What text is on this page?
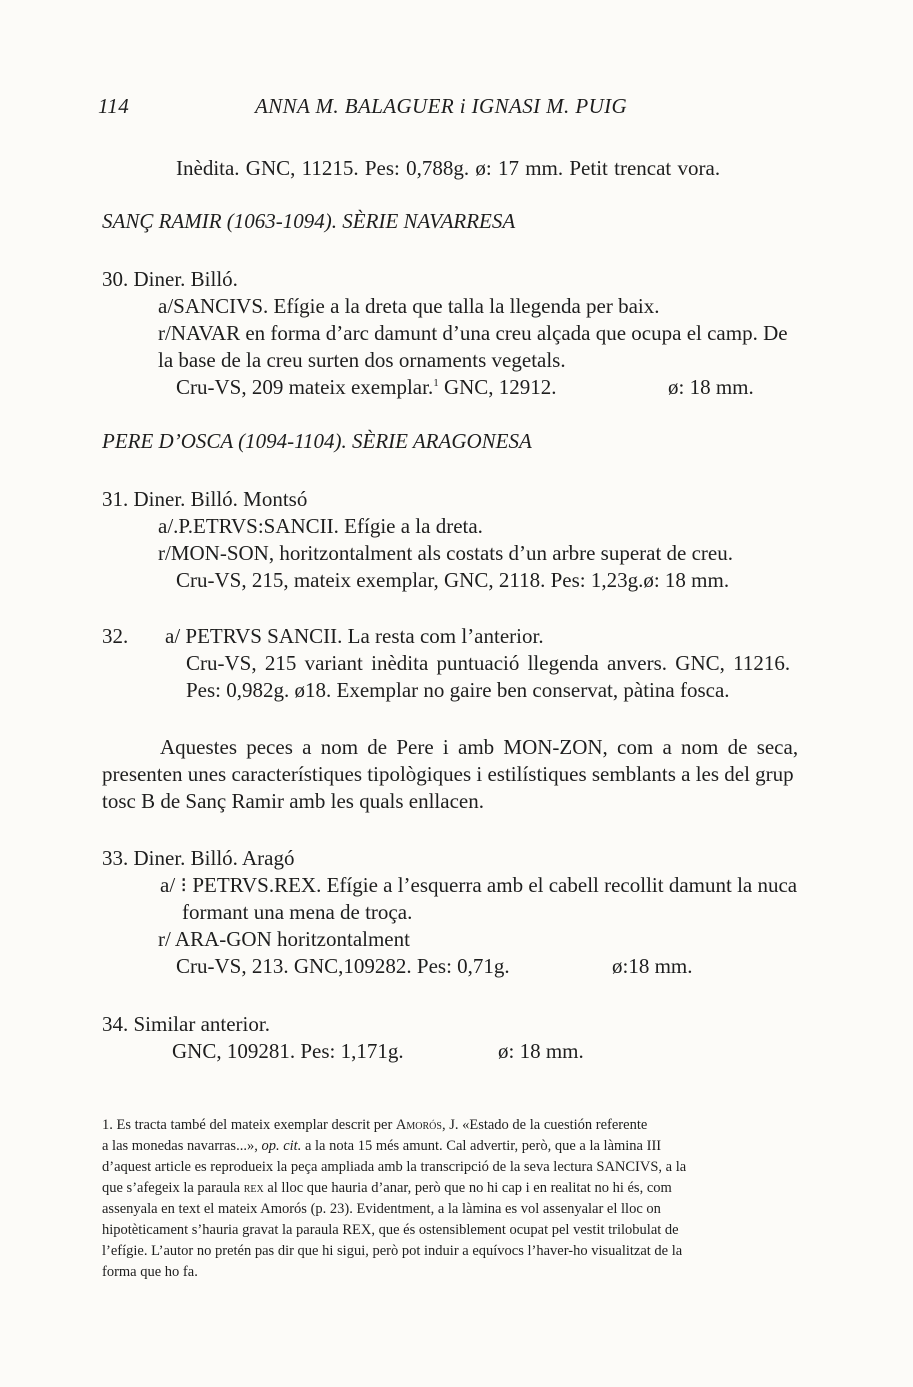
114	ANNA M. BALAGUER i IGNASI M. PUIG
Inèdita. GNC, 11215. Pes: 0,788g. ø: 17 mm. Petit trencat vora.
SANÇ RAMIR (1063-1094). SÈRIE NAVARRESA
30. Diner. Billó.
a/SANCIVS. Efígie a la dreta que talla la llegenda per baix.
r/NAVAR en forma d’arc damunt d’una creu alçada que ocupa el camp. De
la base de la creu surten dos ornaments vegetals.
Cru-VS, 209 mateix exemplar.$^1$ GNC, 12912.	ø: 18 mm.
PERE D’OSCA (1094-1104). SÈRIE ARAGONESA
31. Diner. Billó. Montsó
a/.P.ETRVS:SANCII. Efígie a la dreta.
r/MON-SON, horitzontalment als costats d’un arbre superat de creu.
Cru-VS, 215, mateix exemplar, GNC, 2118. Pes: 1,23g.ø: 18 mm.
32. a/ PETRVS SANCII. La resta com l’anterior.
Cru-VS, 215 variant inèdita puntuació llegenda anvers. GNC, 11216.
Pes: 0,982g. ø18. Exemplar no gaire ben conservat, pàtina fosca.
Aquestes peces a nom de Pere i amb MON-ZON, com a nom de seca,
presenten unes característiques tipològiques i estilístiques semblants a les del grup
tosc B de Sanç Ramir amb les quals enllacen.
33. Diner. Billó. Aragó
a/ ⁝ PETRVS.REX. Efígie a l’esquerra amb el cabell recollit damunt la nuca
formant una mena de troça.
r/ ARA-GON horitzontalment
Cru-VS, 213. GNC,109282. Pes: 0,71g.	ø:18 mm.
34. Similar anterior.
GNC, 109281. Pes: 1,171g.	ø: 18 mm.
1. Es tracta també del mateix exemplar descrit per Amorós, J. «Estado de la cuestión referente
a las monedas navarras...», op. cit. a la nota 15 més amunt. Cal advertir, però, que a la làmina III
d’aquest article es reprodueix la peça ampliada amb la transcripció de la seva lectura SANCIVS, a la
que s’afegeix la paraula rex al lloc que hauria d’anar, però que no hi cap i en realitat no hi és, com
assenyala en text el mateix Amorós (p. 23). Evidentment, a la làmina es vol assenyalar el lloc on
hipotèticament s’hauria gravat la paraula REX, que és ostensiblement ocupat pel vestit trilobulat de
l’efígie. L’autor no pretén pas dir que hi sigui, però pot induir a equívocs l’haver-ho visualitzat de la
forma que ho fa.
